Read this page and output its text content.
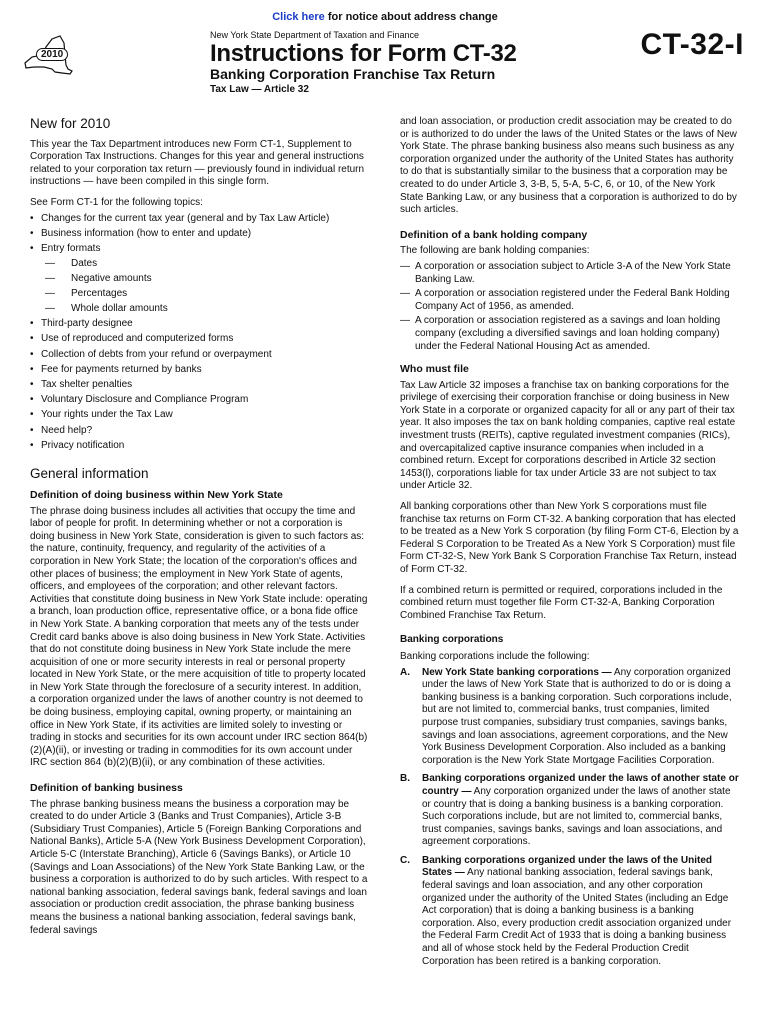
Click here for notice about address change
2010
New York State Department of Taxation and Finance
Instructions for Form CT-32
Banking Corporation Franchise Tax Return
Tax Law — Article 32
CT-32-I
New for 2010

This year the Tax Department introduces new Form CT-1, Supplement to Corporation Tax Instructions. Changes for this year and general instructions related to your corporation tax return — previously found in individual return instructions — have been compiled in this single form.

See Form CT-1 for the following topics:

• Changes for the current tax year (general and by Tax Law Article)
• Business information (how to enter and update)
• Entry formats
— Dates
— Negative amounts
— Percentages
— Whole dollar amounts
• Third-party designee
• Use of reproduced and computerized forms
• Collection of debts from your refund or overpayment
• Fee for payments returned by banks
• Tax shelter penalties
• Voluntary Disclosure and Compliance Program
• Your rights under the Tax Law
• Need help?
• Privacy notification
General information
Definition of doing business within New York State

The phrase doing business includes all activities that occupy the time and labor of people for profit. In determining whether or not a corporation is doing business in New York State, consideration is given to such factors as: the nature, continuity, frequency, and regularity of the activities of a corporation in New York State; the location of the corporation's offices and other places of business; the employment in New York State of agents, officers, and employees of the corporation; and other relevant factors. Activities that constitute doing business in New York State include: operating a branch, loan production office, representative office, or a bona fide office in New York State. A banking corporation that meets any of the tests under Credit card banks above is also doing business in New York State. Activities that do not constitute doing business in New York State include the mere acquisition of one or more security interests in real or personal property located in New York State, or the mere acquisition of title to property located in New York State through the foreclosure of a security interest. In addition, a corporation organized under the laws of another country is not deemed to be doing business, employing capital, owning property, or maintaining an office in New York State, if its activities are limited solely to investing or trading in stocks and securities for its own account under IRC section 864(b)(2)(A)(ii), or investing or trading in commodities for its own account under IRC section 864 (b)(2)(B)(ii), or any combination of these activities.

Definition of banking business

The phrase banking business means the business a corporation may be created to do under Article 3 (Banks and Trust Companies), Article 3-B (Subsidiary Trust Companies), Article 5 (Foreign Banking Corporations and National Banks), Article 5-A (New York Business Development Corporation), Article 5-C (Interstate Branching), Article 6 (Savings Banks), or Article 10 (Savings and Loan Associations) of the New York State Banking Law, or the business a corporation is authorized to do by such articles. With respect to a national banking association, federal savings bank, federal savings and loan association or production credit association, the phrase banking business means the business a national banking association, federal savings bank, federal savings

and loan association, or production credit association may be created to do or is authorized to do under the laws of the United States or the laws of New York State. The phrase banking business also means such business as any corporation organized under the authority of the United States has authority to do that is substantially similar to the business that a corporation may be created to do under Article 3, 3-B, 5, 5-A, 5-C, 6, or 10, of the New York State Banking Law, or any business that a corporation is authorized to do by such articles.

Definition of a bank holding company

The following are bank holding companies:

— A corporation or association subject to Article 3-A of the New York State Banking Law.
— A corporation or association registered under the Federal Bank Holding Company Act of 1956, as amended.
— A corporation or association registered as a savings and loan holding company (excluding a diversified savings and loan holding company) under the Federal National Housing Act as amended.
Who must file

Tax Law Article 32 imposes a franchise tax on banking corporations for the privilege of exercising their corporation franchise or doing business in New York State in a corporate or organized capacity for all or any part of their tax year. It also imposes the tax on bank holding companies, captive real estate investment trusts (REITs), captive regulated investment companies (RICs), and overcapitalized captive insurance companies when included in a combined return. Except for corporations described in Article 32 section 1453(l), corporations liable for tax under Article 33 are not subject to tax under Article 32.

All banking corporations other than New York S corporations must file franchise tax returns on Form CT-32. A banking corporation that has elected to be treated as a New York S corporation (by filing Form CT-6, Election by a Federal S Corporation to be Treated As a New York S Corporation) must file Form CT-32-S, New York Bank S Corporation Franchise Tax Return, instead of Form CT-32.

If a combined return is permitted or required, corporations included in the combined return must together file Form CT-32-A, Banking Corporation Combined Franchise Tax Return.

Banking corporations

Banking corporations include the following:

A.	New York State banking corporations — Any corporation organized under the laws of New York State that is authorized to do or is doing a banking business is a banking corporation. Such corporations include, but are not limited to, commercial banks, trust companies, limited purpose trust companies, subsidiary trust companies, savings banks, savings and loan associations, agreement corporations, and the New York Business Development Corporation. Also included as a banking corporation is the New York State Mortgage Facilities Corporation.
B.	Banking corporations organized under the laws of another state or country — Any corporation organized under the laws of another state or country that is doing a banking business is a banking corporation. Such corporations include, but are not limited to, commercial banks, trust companies, savings banks, savings and loan associations, and agreement corporations.
C.	Banking corporations organized under the laws of the United States — Any national banking association, federal savings bank, federal savings and loan association, and any other corporation organized under the authority of the United States (including an Edge Act corporation) that is doing a banking business is a banking corporation. Also, every production credit association organized under the Federal Farm Credit Act of 1933 that is doing a banking business and all of whose stock held by the Federal Production Credit Corporation has been retired is a banking corporation.
